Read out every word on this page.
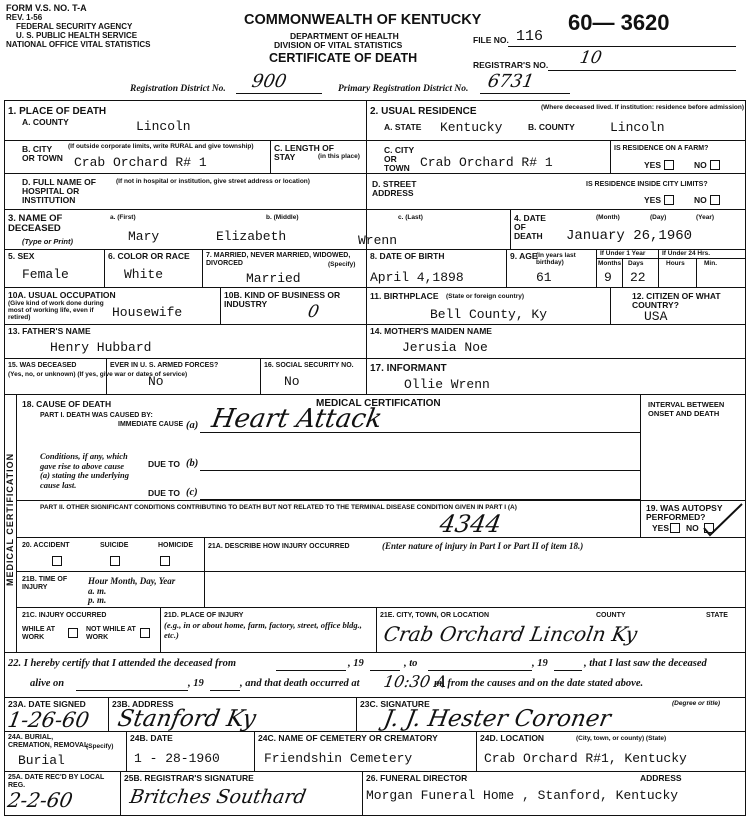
FORM V.S. NO. T-A
REV. 1-56
FEDERAL SECURITY AGENCY
U. S. PUBLIC HEALTH SERVICE
NATIONAL OFFICE VITAL STATISTICS
COMMONWEALTH OF KENTUCKY
DEPARTMENT OF HEALTH
DIVISION OF VITAL STATISTICS
CERTIFICATE OF DEATH
FILE NO. 116
60— 3620
REGISTRAR'S NO. 10
Registration District No. 900	Primary Registration District No. 6731
1. PLACE OF DEATH
A. COUNTY	Lincoln
2. USUAL RESIDENCE	(Where deceased lived. If institution: residence before admission)
A. STATE Kentucky	B. COUNTY	Lincoln
B. CITY OR TOWN
(If outside corporate limits, write RURAL and give township)
Crab Orchard R# 1
C. LENGTH OF STAY	(in this place)
C. CITY OR TOWN Crab Orchard R# 1
IS RESIDENCE ON A FARM?
YES	NO
D. FULL NAME OF HOSPITAL OR INSTITUTION
(If not in hospital or institution, give street address or location)	D. STREET ADDRESS
IS RESIDENCE INSIDE CITY LIMITS?
YES	NO
3. NAME OF DECEASED
(Type or Print)
a. (First)	b. (Middle)	c. (Last)
Mary	Elizabeth	Wrenn
4. DATE OF DEATH
(Month)	(Day)	(Year)
January 26,1960
5. SEX
Female
6. COLOR OR RACE
White
7. MARRIED, NEVER MARRIED, WIDOWED, DIVORCED	(Specify)
Married
8. DATE OF BIRTH
April 4,1898
9. AGE
(In years last birthday)
61
If Under 1 Year
Months Days
9 22
If Under 24 Hrs.
Hours	Min.
10A. USUAL OCCUPATION
(Give kind of work done during most of working life, even if retired)	Housewife
10B. KIND OF BUSINESS OR INDUSTRY	0
11. BIRTHPLACE (State or foreign country)
Bell County, Ky
12. CITIZEN OF WHAT COUNTRY?
USA
13. FATHER'S NAME
Henry Hubbard
14. MOTHER'S MAIDEN NAME
Jerusia Noe
15. WAS DECEASED	EVER IN U. S. ARMED FORCES?
(Yes, no, or unknown) (If yes, give war or dates of service)
No
16. SOCIAL SECURITY NO.
No
17. INFORMANT
Ollie Wrenn
MEDICAL CERTIFICATION
MEDICAL CERTIFICATION
18. CAUSE OF DEATH
PART I. DEATH WAS CAUSED BY:
IMMEDIATE CAUSE (a) Heart Attack	INTERVAL BETWEEN ONSET AND DEATH
Conditions, if any, which gave rise to above cause (a) stating the underlying cause last.
DUE TO (b)
DUE TO (c)
PART II. OTHER SIGNIFICANT CONDITIONS CONTRIBUTING TO DEATH BUT NOT RELATED TO THE TERMINAL DISEASE CONDITION GIVEN IN PART I (A)
4344
19. WAS AUTOPSY PERFORMED?
YES NO
20. ACCIDENT	SUICIDE	HOMICIDE 21A. DESCRIBE HOW INJURY OCCURRED	(Enter nature of injury in Part I or Part II of item 18.)
21B. TIME OF INJURY
Hour Month, Day, Year
a. m.
p. m.
21C. INJURY OCCURRED
WHILE AT WORK
NOT WHILE AT WORK
21D. PLACE OF INJURY
(e.g., in or about home, farm, factory, street, office bldg., etc.)
21E. CITY, TOWN, OR LOCATION	COUNTY	STATE
Crab Orchard Lincoln Ky
22. I hereby certify that I attended the deceased from	, 19	, to	, 19	, that I last saw the deceased
alive on	, 19	, and that death occurred at 10:30 A
m, from the causes and on the date stated above.
23A. DATE SIGNED
1-26-60
23B. ADDRESS
Stanford Ky
23C. SIGNATURE	(Degree or title)
J. J. Hester Coroner
24A. BURIAL, CREMATION, REMOVAL
(Specify)
Burial
24B. DATE
1 - 28-1960
24C. NAME OF CEMETERY OR CREMATORY
Friendshin Cemetery
24D. LOCATION	(City, town, or county) (State)
Crab Orchard R#1, Kentucky
25A. DATE REC'D BY LOCAL REG.
2-2-60
25B. REGISTRAR'S SIGNATURE
Britches Southard
26. FUNERAL DIRECTOR	ADDRESS
Morgan Funeral Home , Stanford, Kentucky
